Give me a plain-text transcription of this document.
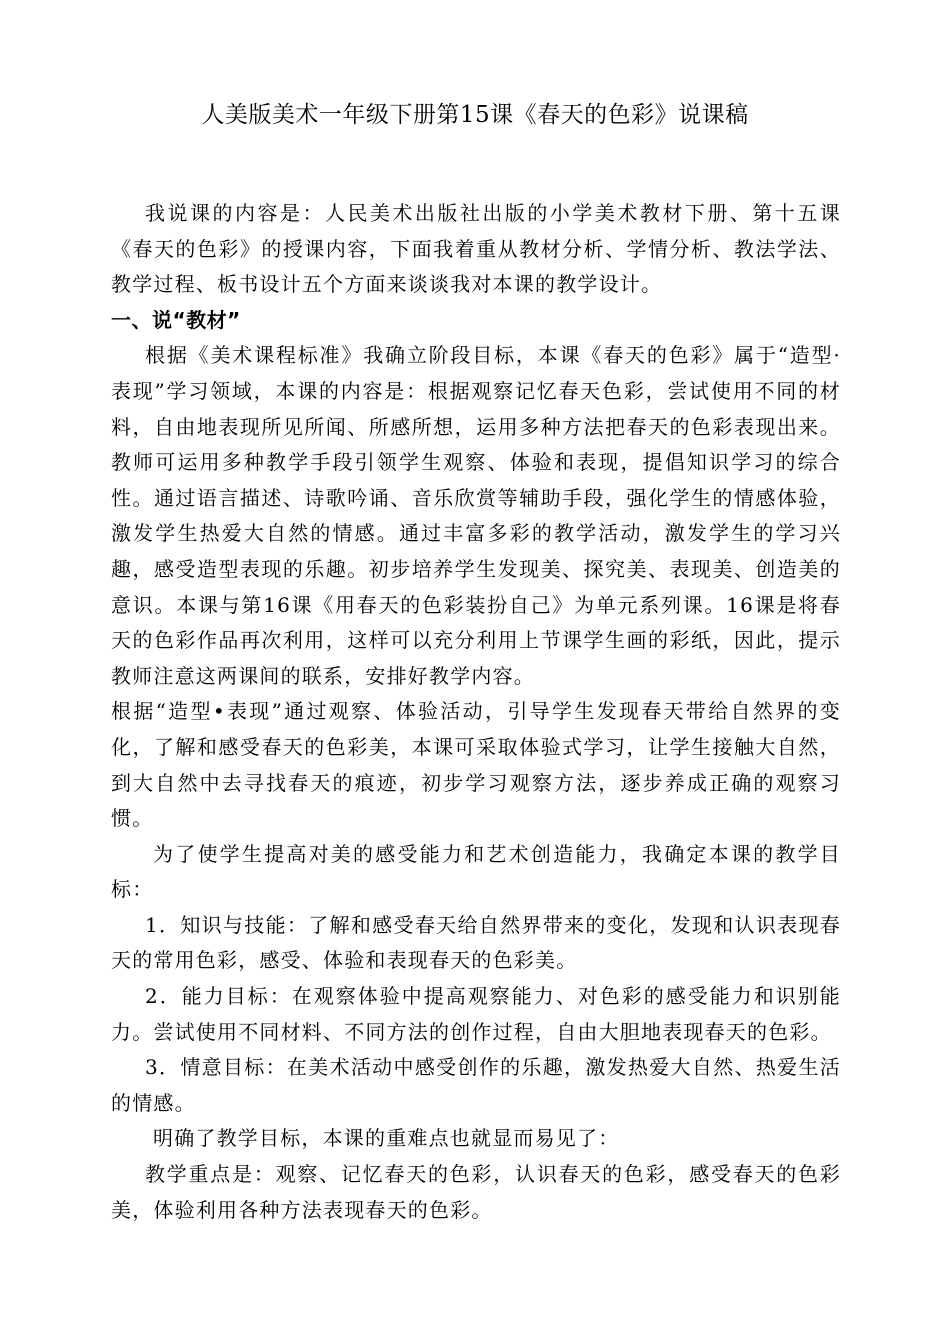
人美版美术一年级下册第15课《春天的色彩》说课稿

我说课的内容是：人民美术出版社出版的小学美术教材下册、第十五课《春天的色彩》的授课内容，下面我着重从教材分析、学情分析、教法学法、教学过程、板书设计五个方面来谈谈我对本课的教学设计。

一、说“教材”

根据《美术课程标准》我确立阶段目标，本课《春天的色彩》属于“造型·表现”学习领域，本课的内容是：根据观察记忆春天色彩，尝试使用不同的材料，自由地表现所见所闻、所感所想，运用多种方法把春天的色彩表现出来。教师可运用多种教学手段引领学生观察、体验和表现，提倡知识学习的综合性。通过语言描述、诗歌吟诵、音乐欣赏等辅助手段，强化学生的情感体验，激发学生热爱大自然的情感。通过丰富多彩的教学活动，激发学生的学习兴趣，感受造型表现的乐趣。初步培养学生发现美、探究美、表现美、创造美的意识。本课与第16课《用春天的色彩装扮自己》为单元系列课。16课是将春天的色彩作品再次利用，这样可以充分利用上节课学生画的彩纸，因此，提示教师注意这两课间的联系，安排好教学内容。

根据“造型•表现”通过观察、体验活动，引导学生发现春天带给自然界的变化，了解和感受春天的色彩美，本课可采取体验式学习，让学生接触大自然，到大自然中去寻找春天的痕迹，初步学习观察方法，逐步养成正确的观察习惯。

为了使学生提高对美的感受能力和艺术创造能力，我确定本课的教学目标：

1．知识与技能：了解和感受春天给自然界带来的变化，发现和认识表现春天的常用色彩，感受、体验和表现春天的色彩美。

2．能力目标：在观察体验中提高观察能力、对色彩的感受能力和识别能力。尝试使用不同材料、不同方法的创作过程，自由大胆地表现春天的色彩。

3．情意目标：在美术活动中感受创作的乐趣，激发热爱大自然、热爱生活的情感。

明确了教学目标，本课的重难点也就显而易见了：

教学重点是：观察、记忆春天的色彩，认识春天的色彩，感受春天的色彩美，体验利用各种方法表现春天的色彩。
